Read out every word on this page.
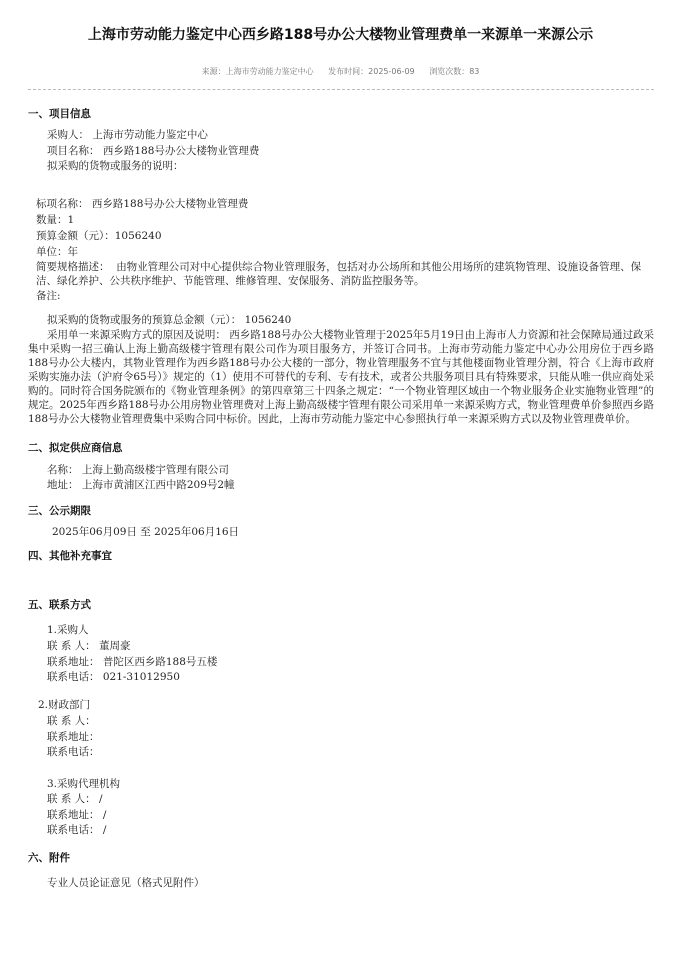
上海市劳动能力鉴定中心西乡路188号办公大楼物业管理费单一来源单一来源公示
来源：上海市劳动能力鉴定中心 发布时间：2025-06-09 浏览次数：83
一、项目信息
采购人： 上海市劳动能力鉴定中心
项目名称： 西乡路188号办公大楼物业管理费
拟采购的货物或服务的说明：
标项名称： 西乡路188号办公大楼物业管理费
数量：1
预算金额（元）：1056240
单位：年
简要规格描述： 由物业管理公司对中心提供综合物业管理服务，包括对办公场所和其他公用场所的建筑物管理、设施设备管理、保洁、绿化养护、公共秩序维护、节能管理、维修管理、安保服务、消防监控服务等。
备注:
拟采购的货物或服务的预算总金额（元）： 1056240
采用单一来源采购方式的原因及说明： 西乡路188号办公大楼物业管理于2025年5月19日由上海市人力资源和社会保障局通过政采集中采购一招三确认上海上勤高级楼宇管理有限公司作为项目服务方，并签订合同书。上海市劳动能力鉴定中心办公用房位于西乡路188号办公大楼内，其物业管理作为西乡路188号办公大楼的一部分，物业管理服务不宜与其他楼面物业管理分割，符合《上海市政府采购实施办法（沪府令65号）》规定的（1）使用不可替代的专利、专有技术，或者公共服务项目具有特殊要求，只能从唯一供应商处采购的。同时符合国务院颁布的《物业管理条例》的第四章第三十四条之规定：“一个物业管理区域由一个物业服务企业实施物业管理”的规定。2025年西乡路188号办公用房物业管理费对上海上勤高级楼宇管理有限公司采用单一来源采购方式，物业管理费单价参照西乡路188号办公大楼物业管理费集中采购合同中标价。因此，上海市劳动能力鉴定中心参照执行单一来源采购方式以及物业管理费单价。
二、拟定供应商信息
名称： 上海上勤高级楼宇管理有限公司
地址： 上海市黄浦区江西中路209号2幢
三、公示期限
2025年06月09日 至 2025年06月16日
四、其他补充事宜
五、联系方式
1.采购人
联 系 人： 董周豪
联系地址： 普陀区西乡路188号五楼
联系电话： 021-31012950
2.财政部门
联 系 人：
联系地址：
联系电话：
3.采购代理机构
联 系 人： /
联系地址： /
联系电话： /
六、附件
专业人员论证意见（格式见附件）
